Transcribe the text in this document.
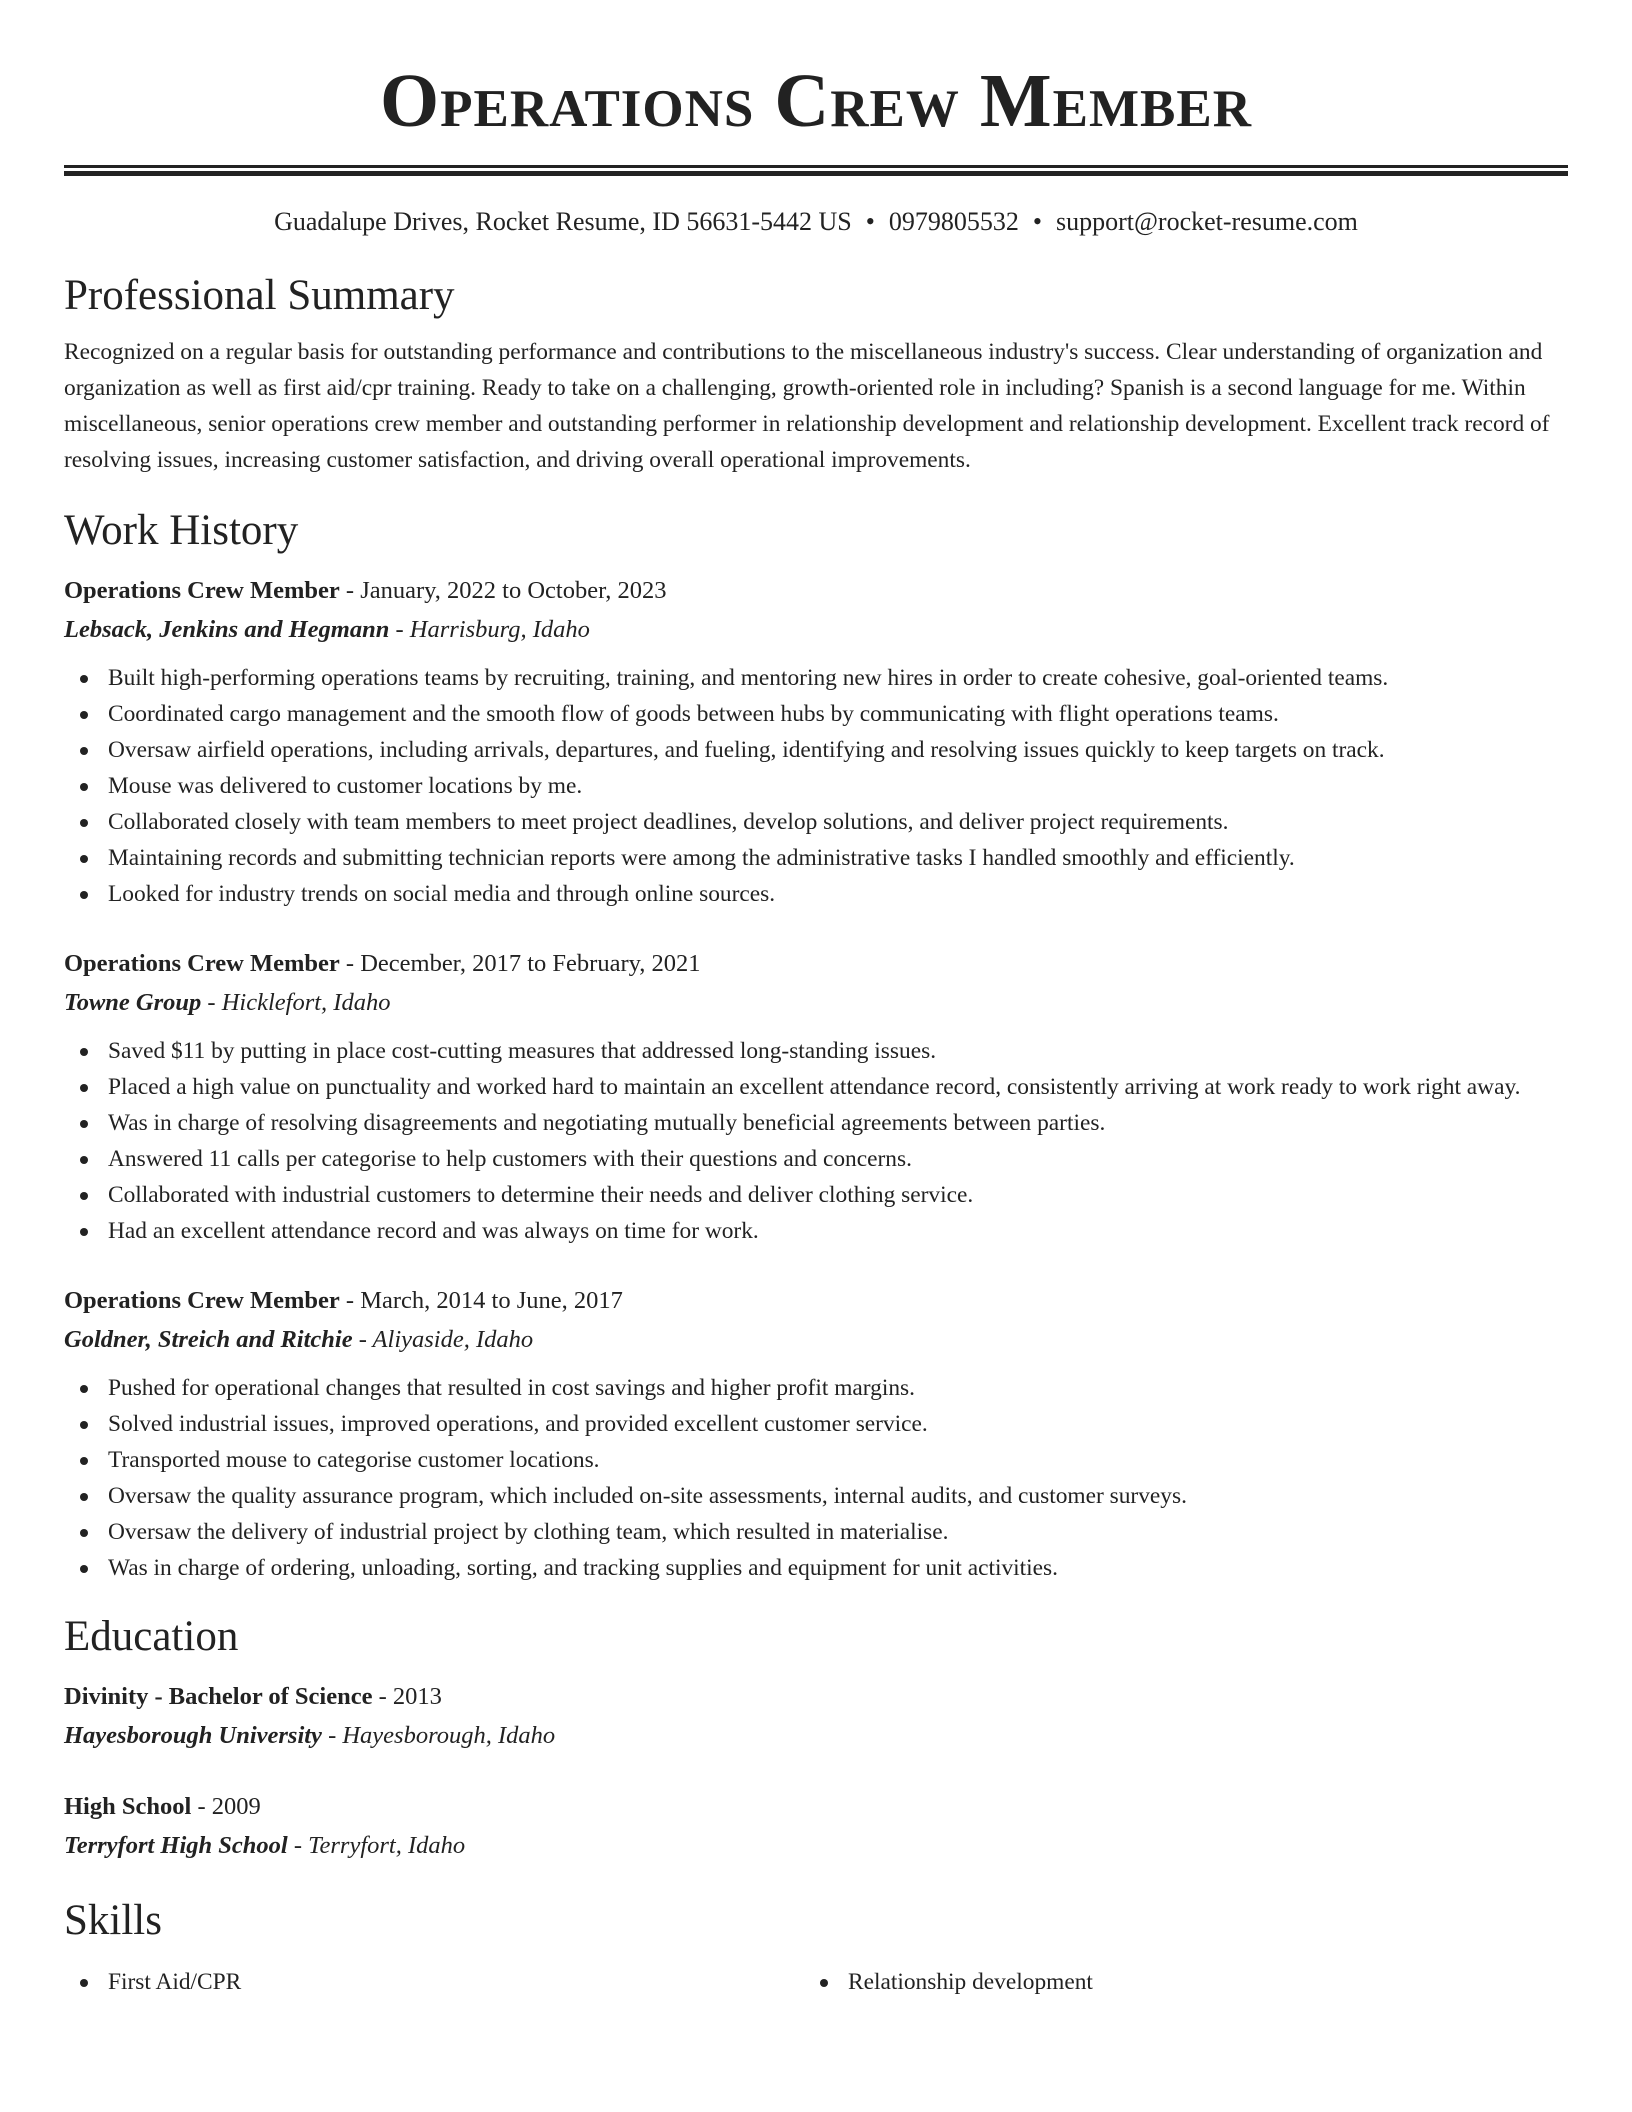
Operations Crew Member
Guadalupe Drives, Rocket Resume, ID 56631-5442 US • 0979805532 • support@rocket-resume.com
Professional Summary

Recognized on a regular basis for outstanding performance and contributions to the miscellaneous industry's success. Clear understanding of organization and organization as well as first aid/cpr training. Ready to take on a challenging, growth-oriented role in including? Spanish is a second language for me. Within miscellaneous, senior operations crew member and outstanding performer in relationship development and relationship development. Excellent track record of resolving issues, increasing customer satisfaction, and driving overall operational improvements.

Work History
Operations Crew Member - January, 2022 to October, 2023
Lebsack, Jenkins and Hegmann - Harrisburg, Idaho
Built high-performing operations teams by recruiting, training, and mentoring new hires in order to create cohesive, goal-oriented teams.
Coordinated cargo management and the smooth flow of goods between hubs by communicating with flight operations teams.
Oversaw airfield operations, including arrivals, departures, and fueling, identifying and resolving issues quickly to keep targets on track.
Mouse was delivered to customer locations by me.
Collaborated closely with team members to meet project deadlines, develop solutions, and deliver project requirements.
Maintaining records and submitting technician reports were among the administrative tasks I handled smoothly and efficiently.
Looked for industry trends on social media and through online sources.
Operations Crew Member - December, 2017 to February, 2021
Towne Group - Hicklefort, Idaho
Saved $11 by putting in place cost-cutting measures that addressed long-standing issues.
Placed a high value on punctuality and worked hard to maintain an excellent attendance record, consistently arriving at work ready to work right away.
Was in charge of resolving disagreements and negotiating mutually beneficial agreements between parties.
Answered 11 calls per categorise to help customers with their questions and concerns.
Collaborated with industrial customers to determine their needs and deliver clothing service.
Had an excellent attendance record and was always on time for work.
Operations Crew Member - March, 2014 to June, 2017
Goldner, Streich and Ritchie - Aliyaside, Idaho
Pushed for operational changes that resulted in cost savings and higher profit margins.
Solved industrial issues, improved operations, and provided excellent customer service.
Transported mouse to categorise customer locations.
Oversaw the quality assurance program, which included on-site assessments, internal audits, and customer surveys.
Oversaw the delivery of industrial project by clothing team, which resulted in materialise.
Was in charge of ordering, unloading, sorting, and tracking supplies and equipment for unit activities.
Education
Divinity - Bachelor of Science - 2013
Hayesborough University - Hayesborough, Idaho
High School - 2009
Terryfort High School - Terryfort, Idaho
Skills
First Aid/CPR	Relationship development
